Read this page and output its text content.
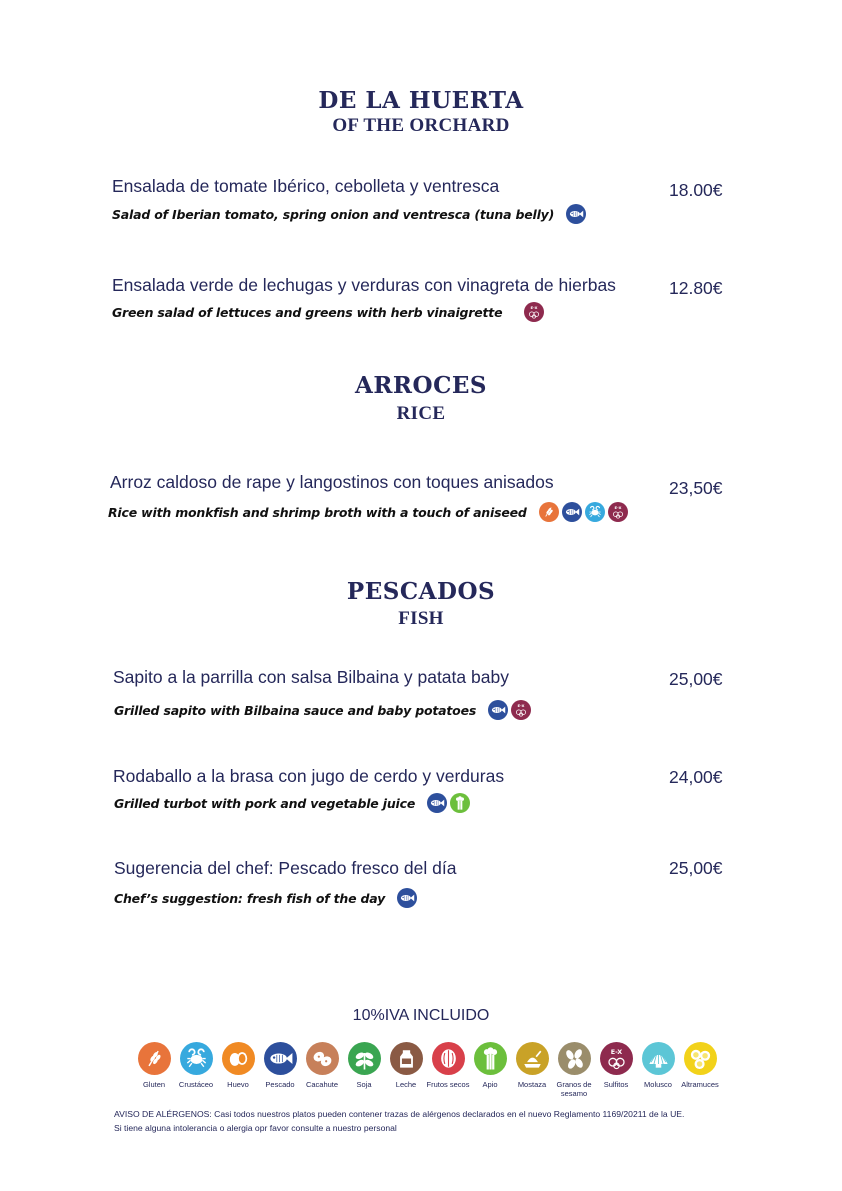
DE LA HUERTA
OF THE ORCHARD
Ensalada de tomate Ibérico, cebolleta y ventresca	18.00€
Salad of Iberian tomato, spring onion and ventresca (tuna belly)
Ensalada verde de lechugas y verduras con vinagreta de hierbas	12.80€
Green salad of lettuces and greens with herb vinaigrette	E-X
ARROCES
RICE
Arroz caldoso de rape y langostinos con toques anisados	23,50€
Rice with monkfish and shrimp broth with a touch of aniseed	E-X
PESCADOS
FISH
Sapito a la parrilla con salsa Bilbaina y patata baby	25,00€
Grilled sapito with Bilbaina sauce and baby potatoes	E-X
Rodaballo a la brasa con jugo de cerdo y verduras	24,00€
Grilled turbot with pork and vegetable juice
Sugerencia del chef: Pescado fresco del día	25,00€
Chef’s suggestion: fresh fish of the day
10%IVA INCLUIDO
Gluten	Crustáceo	Huevo	Pescado	Cacahute	Soja	Leche	Frutos secos	Apio	Mostaza	Granos de sesamo
E-X
Sulfitos	Molusco	Altramuces
AVISO DE ALÉRGENOS: Casi todos nuestros platos pueden contener trazas de alérgenos declarados en el nuevo Reglamento 1169/20211 de la UE.
Si tiene alguna intolerancia o alergia opr favor consulte a nuestro personal
